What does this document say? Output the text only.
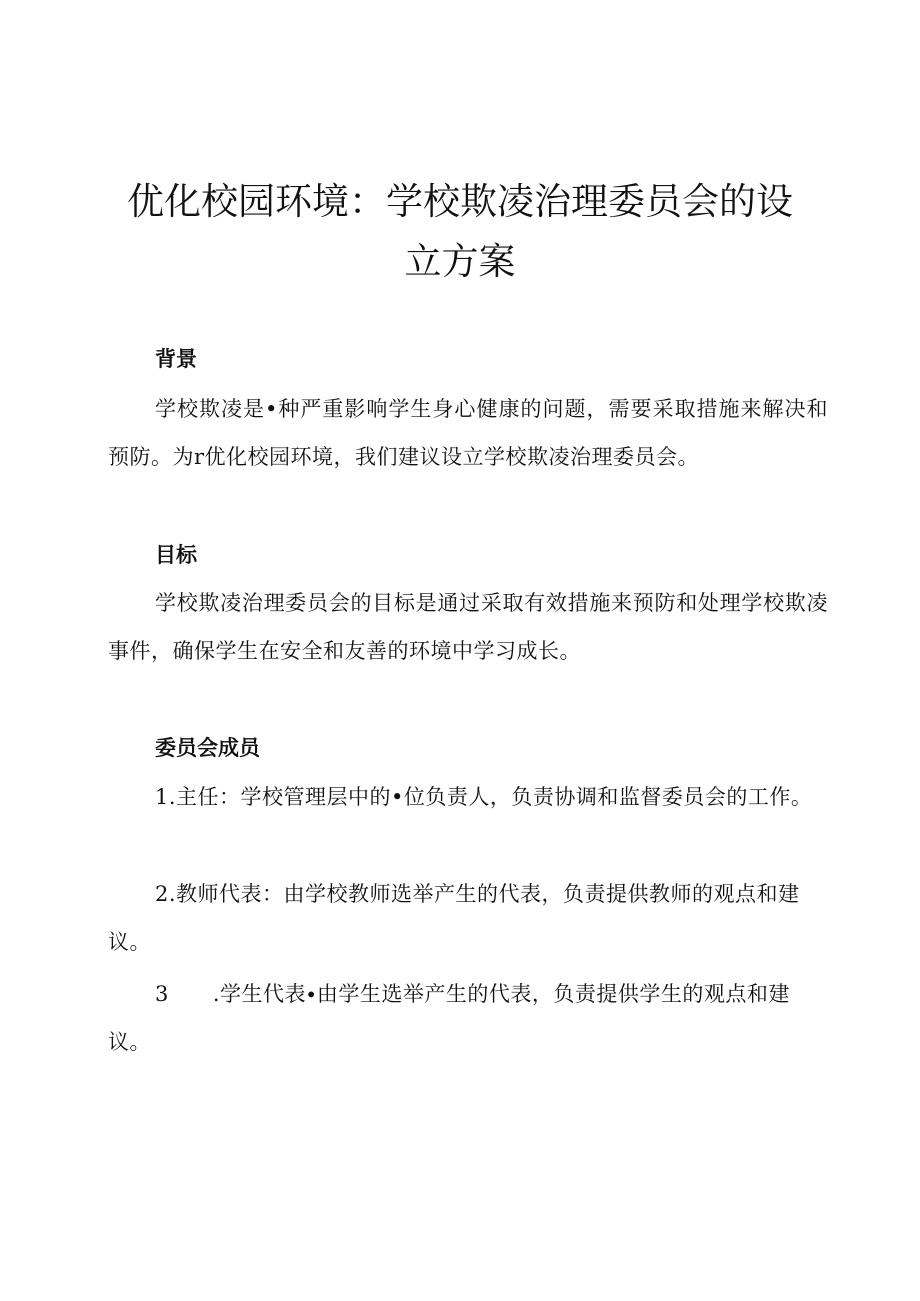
优化校园环境：学校欺凌治理委员会的设
立方案
背景

学校欺凌是•种严重影响学生身心健康的问题，需要采取措施来解决和预防。为r优化校园环境，我们建议设立学校欺凌治理委员会。

目标

学校欺凌治理委员会的目标是通过采取有效措施来预防和处理学校欺凌事件，确保学生在安全和友善的环境中学习成长。

委员会成员

1.主任：学校管理层中的•位负责人，负责协调和监督委员会的工作。

2.教师代表：由学校教师选举产生的代表，负责提供教师的观点和建议。

3 .学生代表∙由学生选举产生的代表，负责提供学生的观点和建议。
